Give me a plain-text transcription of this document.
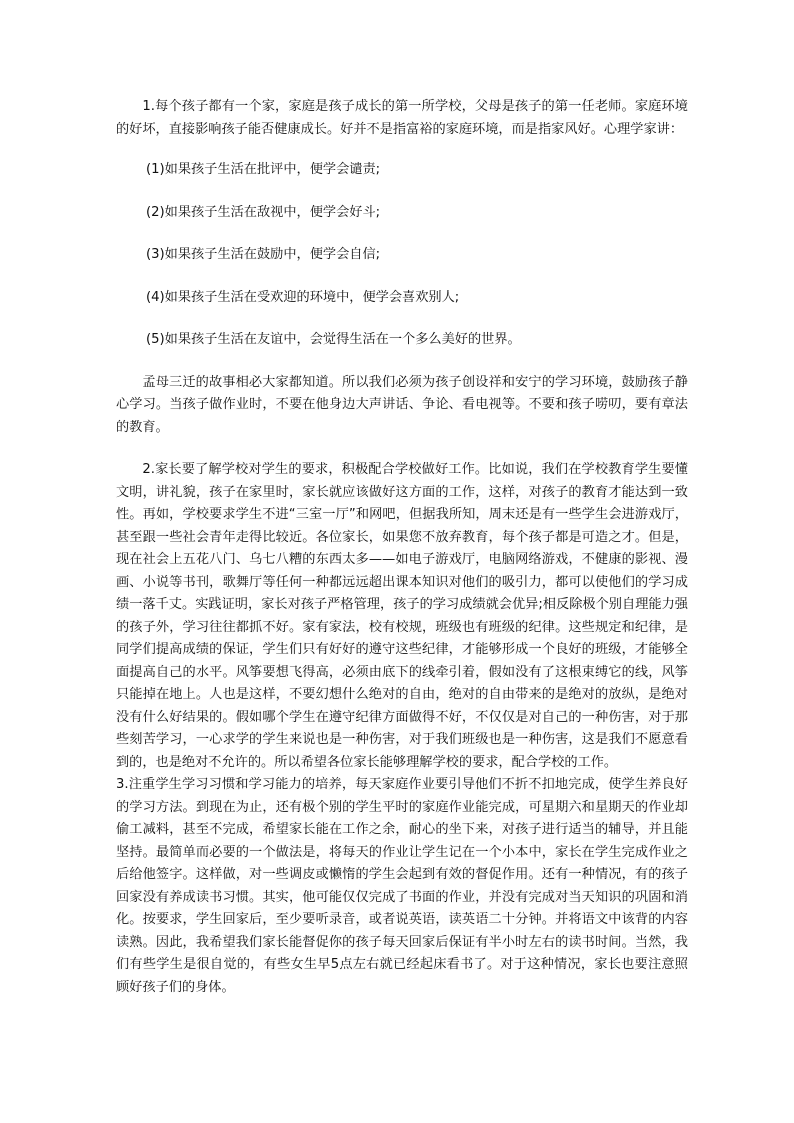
1.每个孩子都有一个家，家庭是孩子成长的第一所学校，父母是孩子的第一任老师。家庭环境的好坏，直接影响孩子能否健康成长。好并不是指富裕的家庭环境，而是指家风好。心理学家讲：

(1)如果孩子生活在批评中，便学会谴责;

(2)如果孩子生活在敌视中，便学会好斗;

(3)如果孩子生活在鼓励中，便学会自信;

(4)如果孩子生活在受欢迎的环境中，便学会喜欢别人;

(5)如果孩子生活在友谊中，会觉得生活在一个多么美好的世界。

孟母三迁的故事相必大家都知道。所以我们必须为孩子创设祥和安宁的学习环境，鼓励孩子静心学习。当孩子做作业时，不要在他身边大声讲话、争论、看电视等。不要和孩子唠叨，要有章法的教育。

2.家长要了解学校对学生的要求，积极配合学校做好工作。比如说，我们在学校教育学生要懂文明，讲礼貌，孩子在家里时，家长就应该做好这方面的工作，这样，对孩子的教育才能达到一致性。再如，学校要求学生不进“三室一厅”和网吧，但据我所知，周末还是有一些学生会进游戏厅，甚至跟一些社会青年走得比较近。各位家长，如果您不放弃教育，每个孩子都是可造之才。但是，现在社会上五花八门、乌七八糟的东西太多——如电子游戏厅，电脑网络游戏，不健康的影视、漫画、小说等书刊，歌舞厅等任何一种都远远超出课本知识对他们的吸引力，都可以使他们的学习成绩一落千丈。实践证明，家长对孩子严格管理，孩子的学习成绩就会优异;相反除极个别自理能力强的孩子外，学习往往都抓不好。家有家法，校有校规，班级也有班级的纪律。这些规定和纪律，是同学们提高成绩的保证，学生们只有好好的遵守这些纪律，才能够形成一个良好的班级，才能够全面提高自己的水平。风筝要想飞得高，必须由底下的线牵引着，假如没有了这根束缚它的线，风筝只能掉在地上。人也是这样，不要幻想什么绝对的自由，绝对的自由带来的是绝对的放纵，是绝对没有什么好结果的。假如哪个学生在遵守纪律方面做得不好，不仅仅是对自己的一种伤害，对于那些刻苦学习，一心求学的学生来说也是一种伤害，对于我们班级也是一种伤害，这是我们不愿意看到的，也是绝对不允许的。所以希望各位家长能够理解学校的要求，配合学校的工作。

3.注重学生学习习惯和学习能力的培养，每天家庭作业要引导他们不折不扣地完成，使学生养良好的学习方法。到现在为止，还有极个别的学生平时的家庭作业能完成，可星期六和星期天的作业却偷工减料，甚至不完成，希望家长能在工作之余，耐心的坐下来，对孩子进行适当的辅导，并且能坚持。最简单而必要的一个做法是，将每天的作业让学生记在一个小本中，家长在学生完成作业之后给他签字。这样做，对一些调皮或懒惰的学生会起到有效的督促作用。还有一种情况，有的孩子回家没有养成读书习惯。其实，他可能仅仅完成了书面的作业，并没有完成对当天知识的巩固和消化。按要求，学生回家后，至少要听录音，或者说英语，读英语二十分钟。并将语文中该背的内容读熟。因此，我希望我们家长能督促你的孩子每天回家后保证有半小时左右的读书时间。当然，我们有些学生是很自觉的，有些女生早5点左右就已经起床看书了。对于这种情况，家长也要注意照顾好孩子们的身体。
